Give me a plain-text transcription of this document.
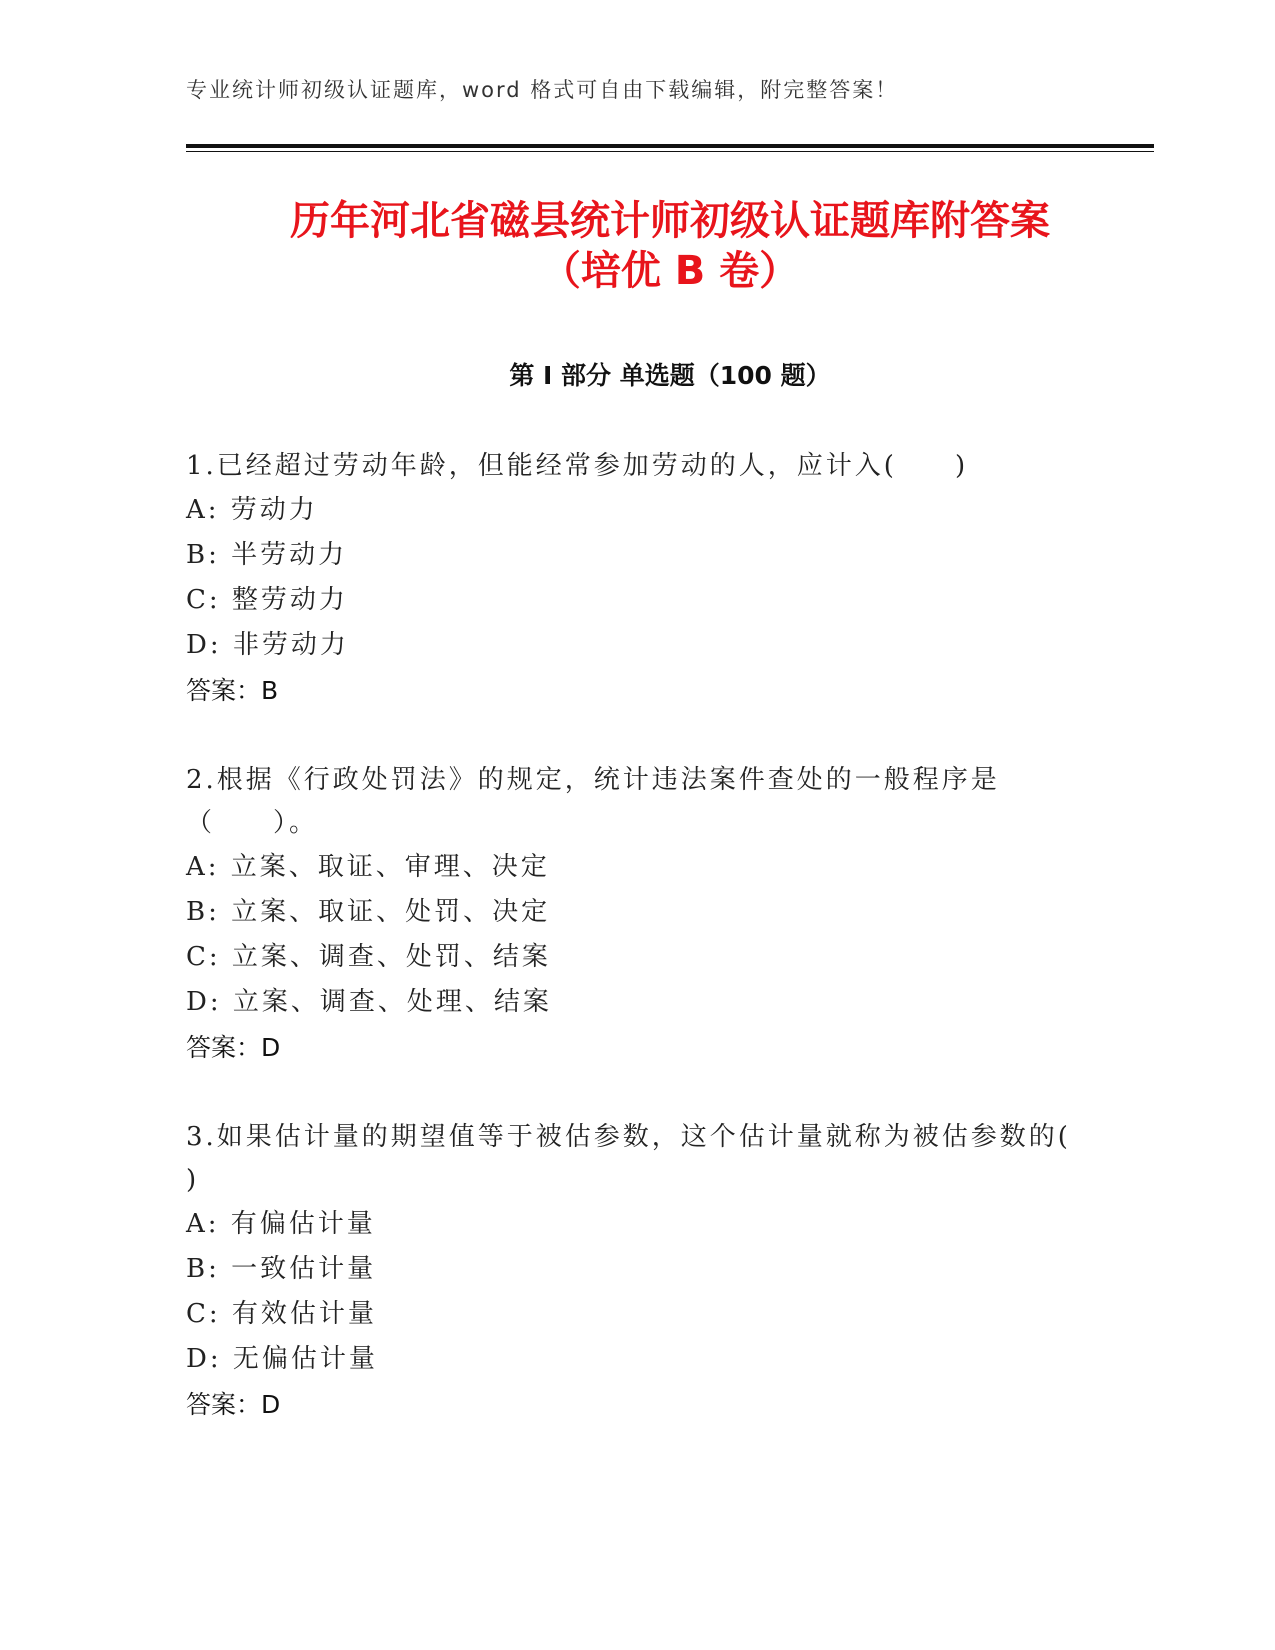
专业统计师初级认证题库，word 格式可自由下载编辑，附完整答案！
历年河北省磁县统计师初级认证题库附答案
（培优 B 卷）
第 I 部分 单选题（100 题）
1.已经超过劳动年龄，但能经常参加劳动的人，应计入(　　)
A: 劳动力
B: 半劳动力
C: 整劳动力
D: 非劳动力
答案：B
2.根据《行政处罚法》的规定，统计违法案件查处的一般程序是（　　）。
A: 立案、取证、审理、决定
B: 立案、取证、处罚、决定
C: 立案、调查、处罚、结案
D: 立案、调查、处理、结案
答案：D
3.如果估计量的期望值等于被估参数，这个估计量就称为被估参数的( )
A: 有偏估计量
B: 一致估计量
C: 有效估计量
D: 无偏估计量
答案：D
